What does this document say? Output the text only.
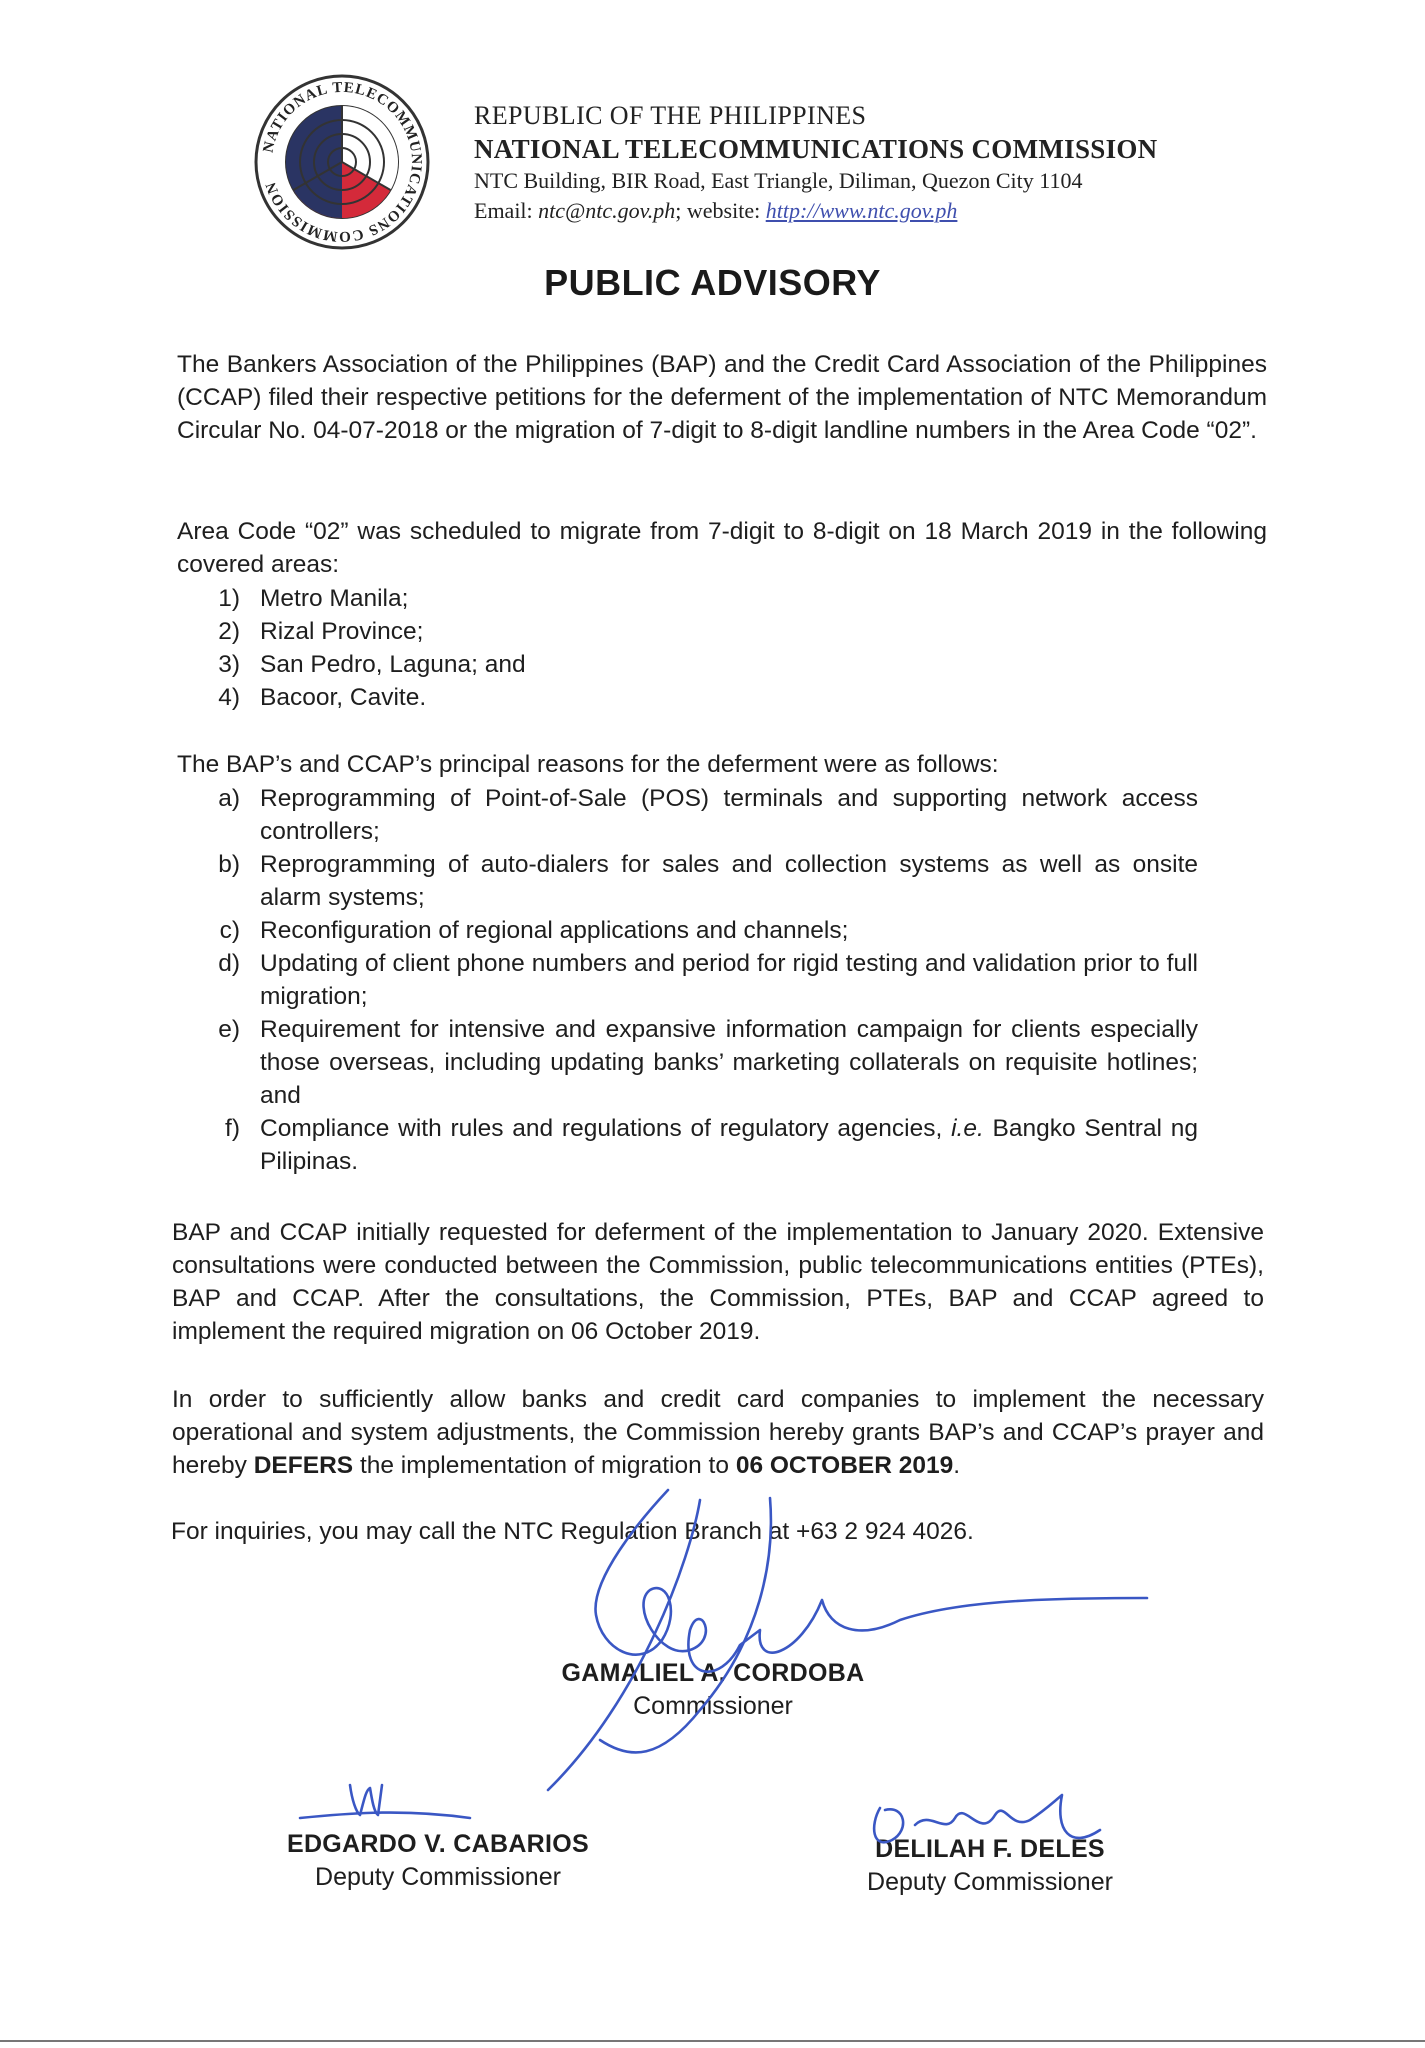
NATIONAL TELECOMMUNICATIONS COMMISSION
REPUBLIC OF THE PHILIPPINES
NATIONAL TELECOMMUNICATIONS COMMISSION
NTC Building, BIR Road, East Triangle, Diliman, Quezon City 1104
Email: ntc@ntc.gov.ph; website: http://www.ntc.gov.ph
PUBLIC ADVISORY
The Bankers Association of the Philippines (BAP) and the Credit Card Association of the Philippines (CCAP) filed their respective petitions for the deferment of the implementation of NTC Memorandum Circular No. 04-07-2018 or the migration of 7-digit to 8-digit landline numbers in the Area Code “02”.
Area Code “02” was scheduled to migrate from 7-digit to 8-digit on 18 March 2019 in the following covered areas:
1) Metro Manila;
2) Rizal Province;
3) San Pedro, Laguna; and
4) Bacoor, Cavite.
The BAP’s and CCAP’s principal reasons for the deferment were as follows:
a) Reprogramming of Point-of-Sale (POS) terminals and supporting network access controllers;
b) Reprogramming of auto-dialers for sales and collection systems as well as onsite alarm systems;
c) Reconfiguration of regional applications and channels;
d) Updating of client phone numbers and period for rigid testing and validation prior to full migration;
e) Requirement for intensive and expansive information campaign for clients especially those overseas, including updating banks’ marketing collaterals on requisite hotlines; and
f) Compliance with rules and regulations of regulatory agencies, i.e. Bangko Sentral ng Pilipinas.
BAP and CCAP initially requested for deferment of the implementation to January 2020. Extensive consultations were conducted between the Commission, public telecommunications entities (PTEs), BAP and CCAP. After the consultations, the Commission, PTEs, BAP and CCAP agreed to implement the required migration on 06 October 2019.
In order to sufficiently allow banks and credit card companies to implement the necessary operational and system adjustments, the Commission hereby grants BAP’s and CCAP’s prayer and hereby DEFERS the implementation of migration to 06 OCTOBER 2019.
For inquiries, you may call the NTC Regulation Branch at +63 2 924 4026.
GAMALIEL A. CORDOBA
Commissioner
EDGARDO V. CABARIOS
Deputy Commissioner
DELILAH F. DELES
Deputy Commissioner
